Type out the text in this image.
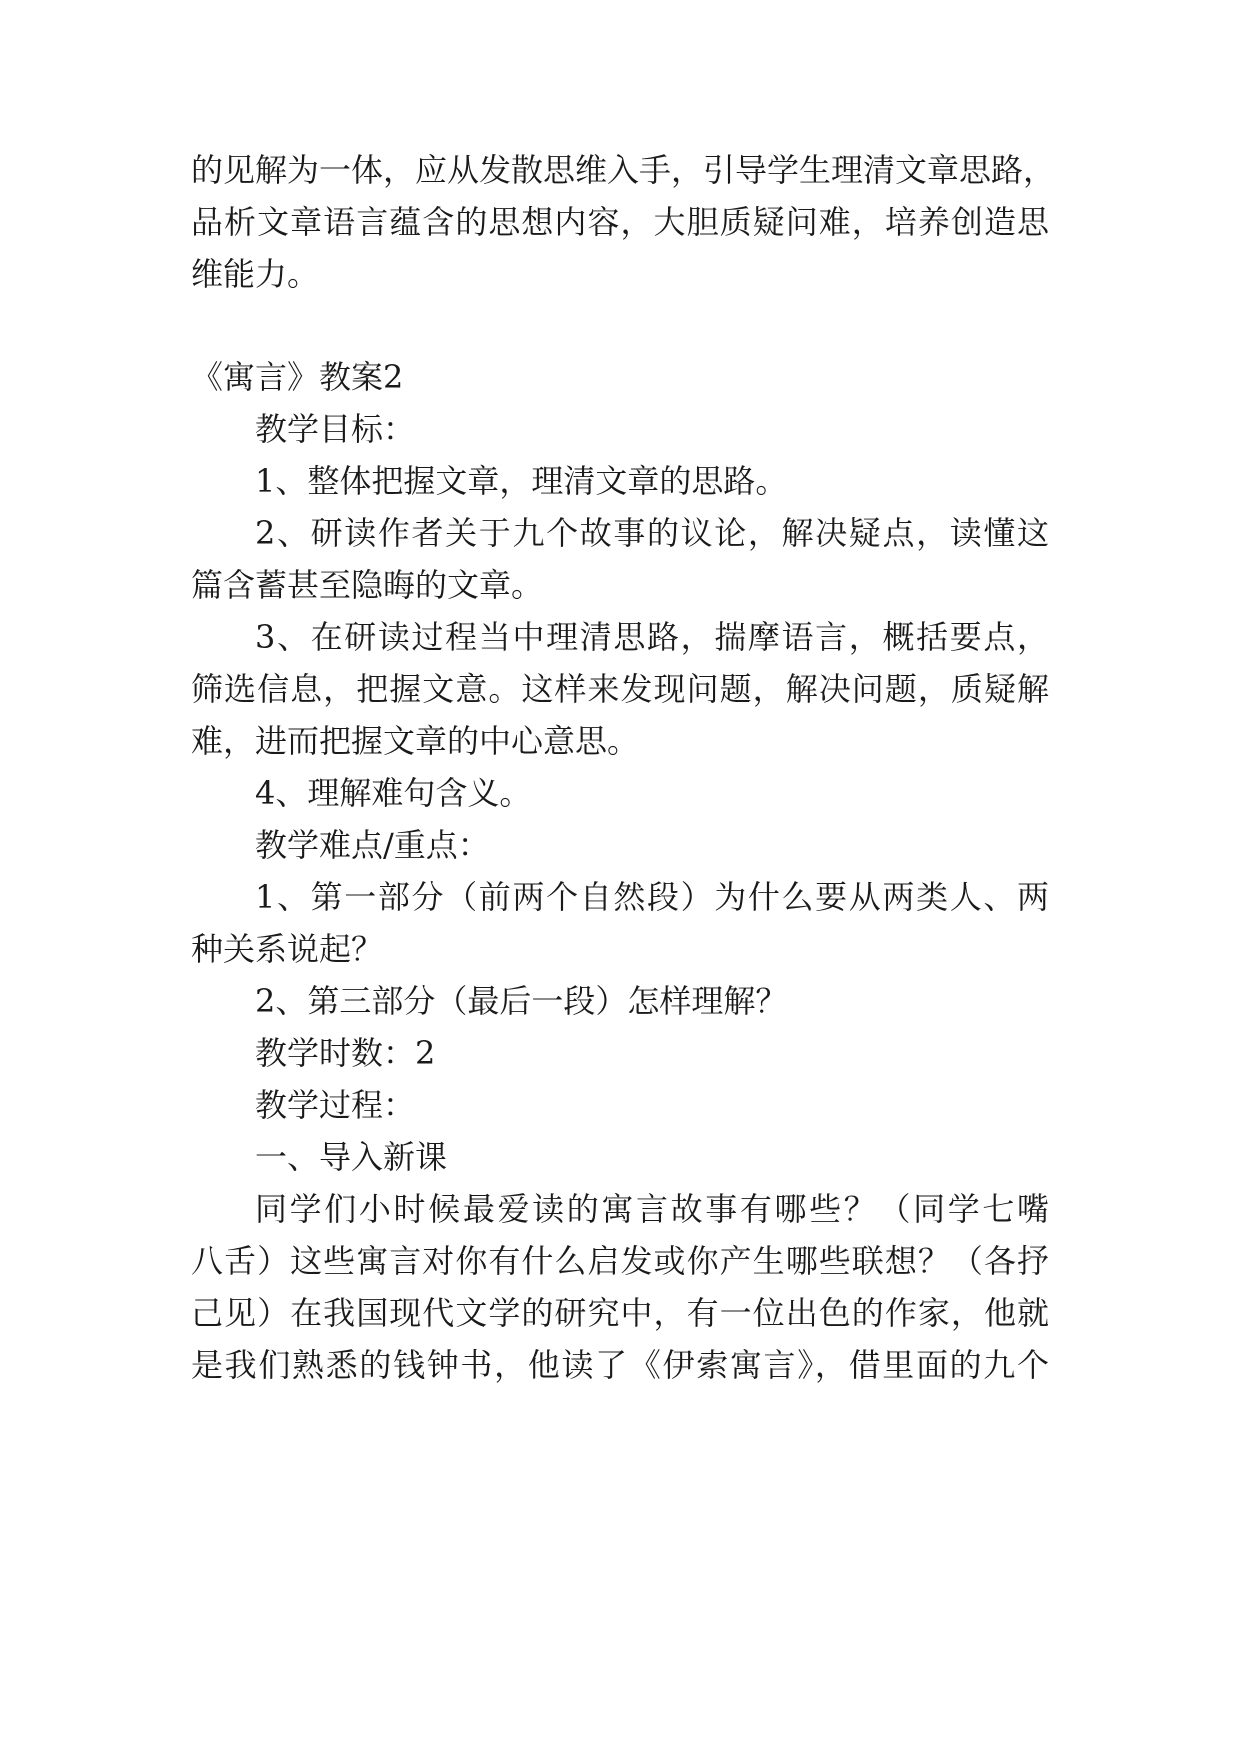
的见解为一体，应从发散思维入手，引导学生理清文章思路，
品析文章语言蕴含的思想内容，大胆质疑问难，培养创造思
维能力。
《寓言》教案2
教学目标：
1、整体把握文章，理清文章的思路。
2、研读作者关于九个故事的议论，解决疑点，读懂这
篇含蓄甚至隐晦的文章。
3、在研读过程当中理清思路，揣摩语言，概括要点，
筛选信息，把握文意。这样来发现问题，解决问题，质疑解
难，进而把握文章的中心意思。
4、理解难句含义。
教学难点/重点：
1、第一部分（前两个自然段）为什么要从两类人、两
种关系说起？
2、第三部分（最后一段）怎样理解？
教学时数：2
教学过程：
一、导入新课
同学们小时候最爱读的寓言故事有哪些？（同学七嘴
八舌）这些寓言对你有什么启发或你产生哪些联想？（各抒
己见）在我国现代文学的研究中，有一位出色的作家，他就
是我们熟悉的钱钟书，他读了《伊索寓言》，借里面的九个
